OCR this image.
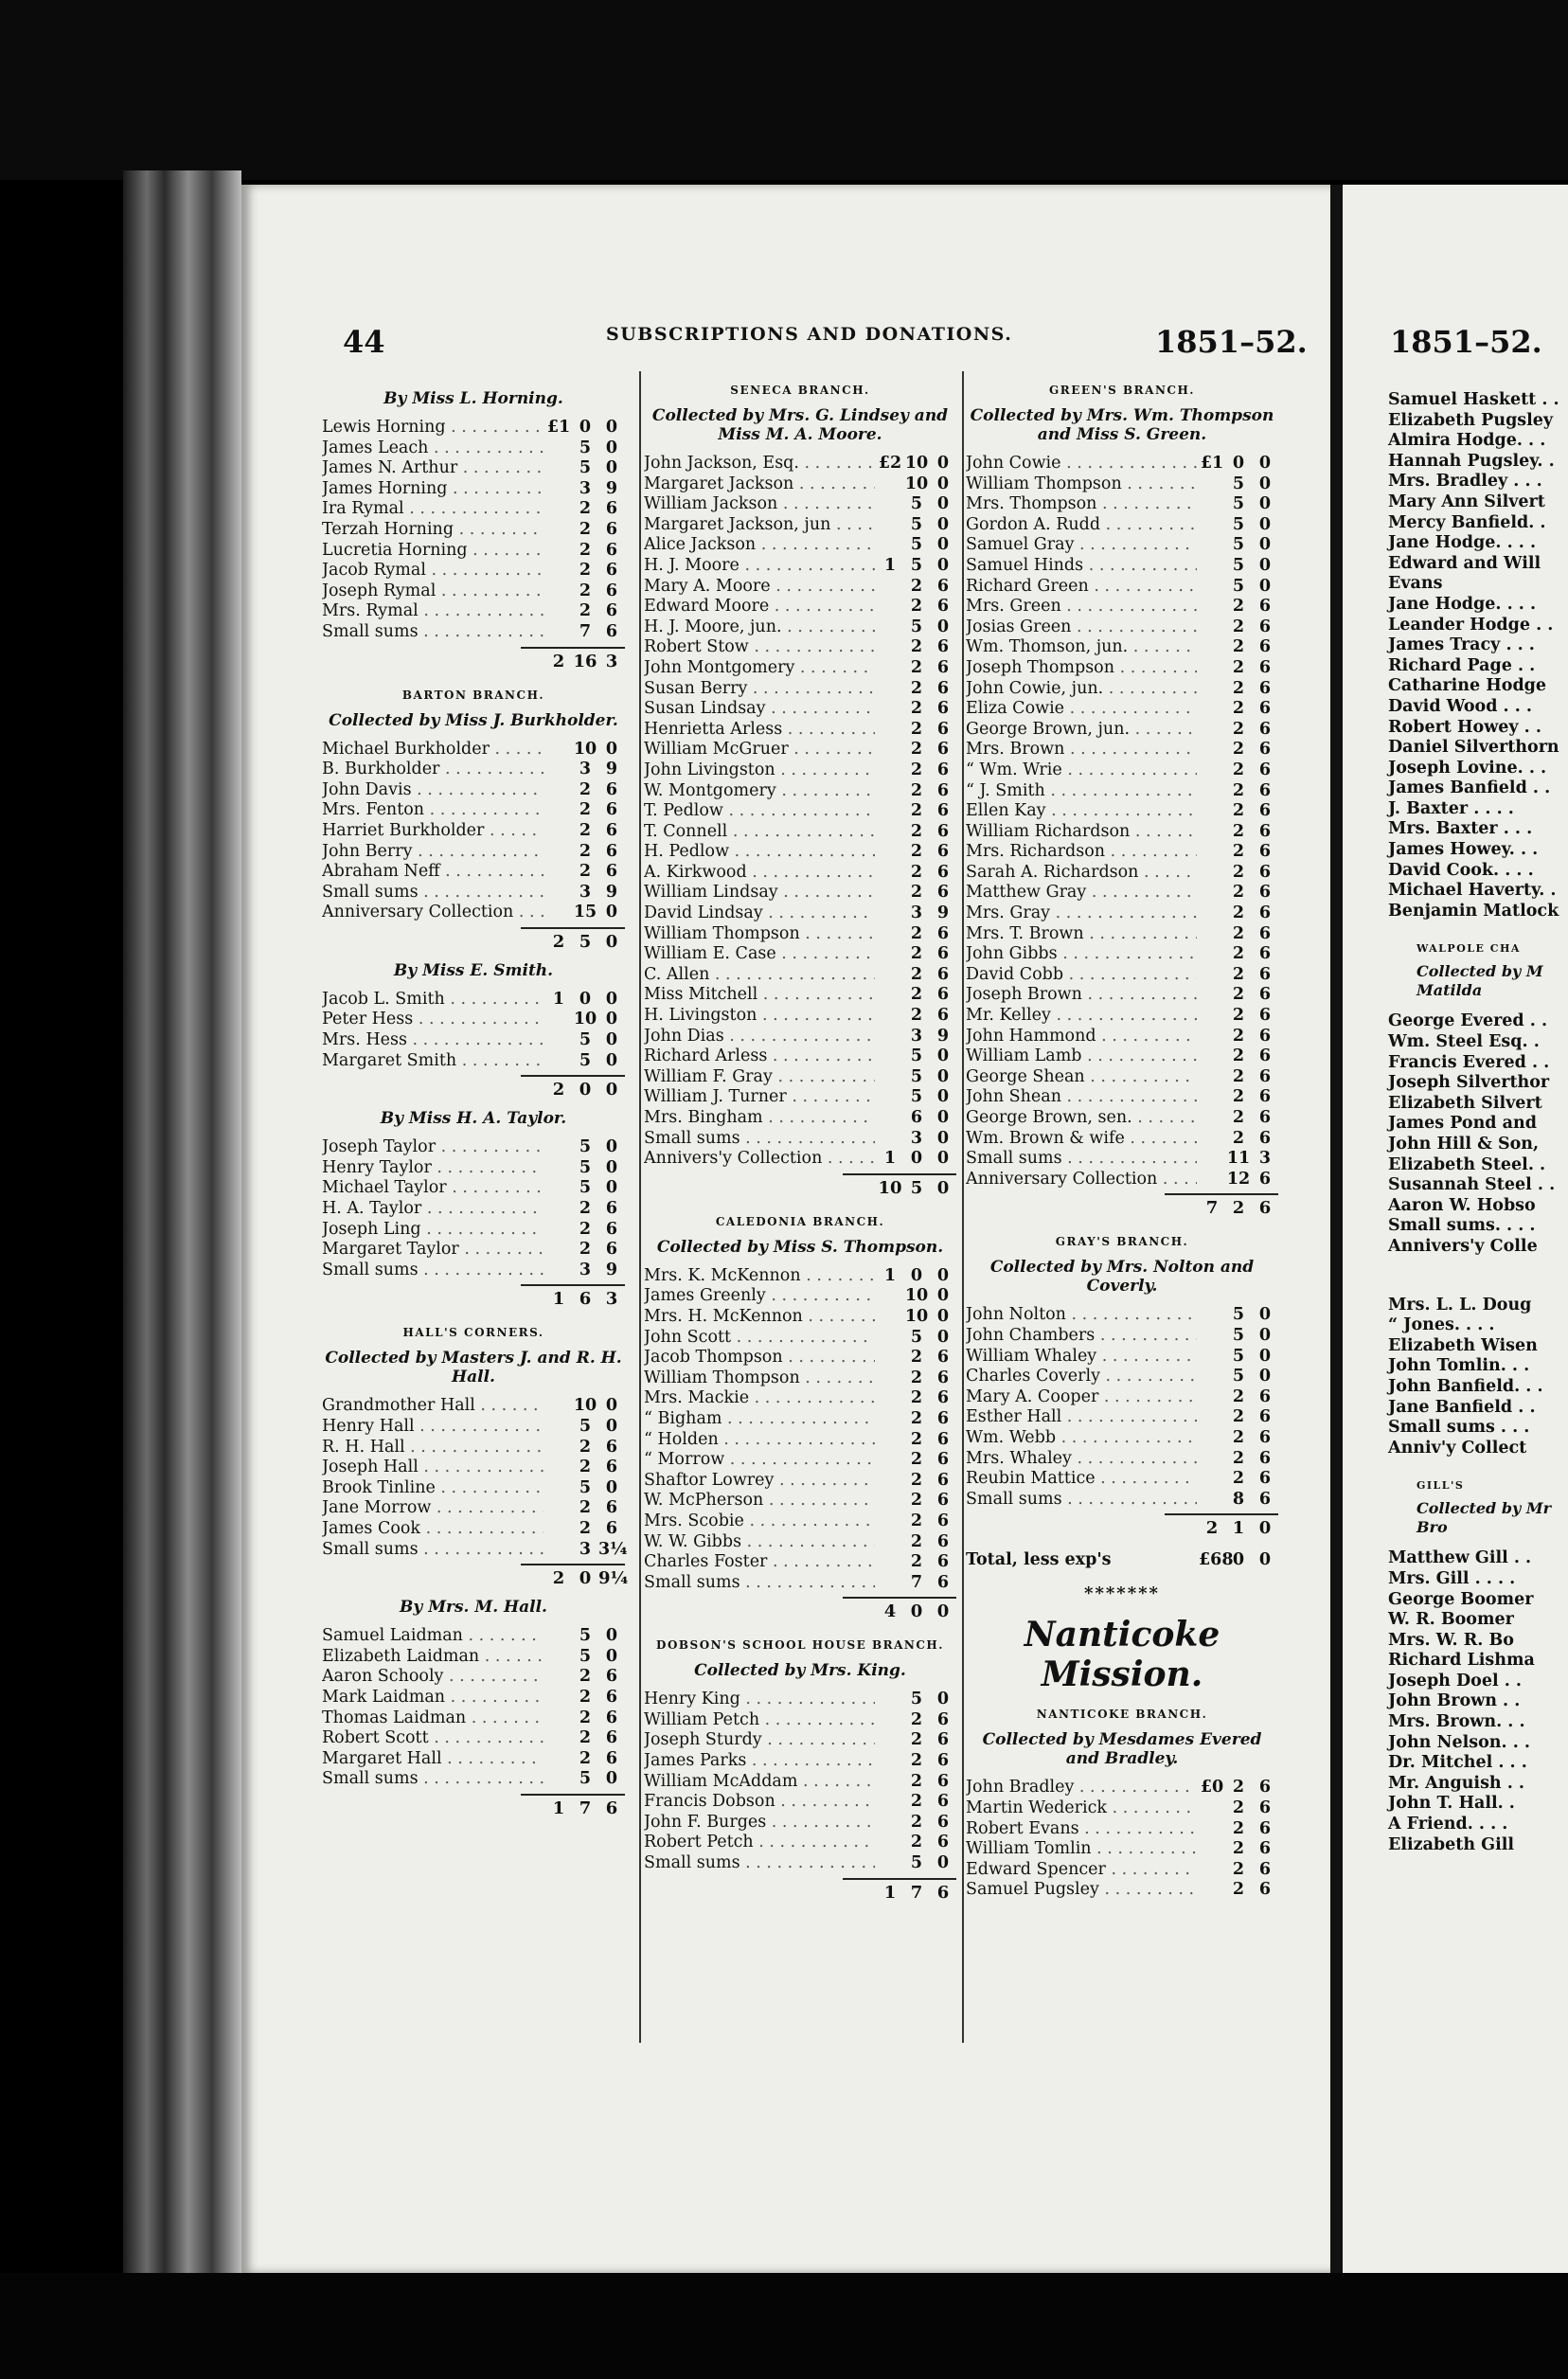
44	SUBSCRIPTIONS AND DONATIONS.	1851–52.	1851–52.
By Miss L. Horning.
Lewis Horning . . .	£1 0 0
James Leach . . .	5 0
James N. Arthur . . .	5 0
James Horning . . .	3 9
Ira Rymal . . .	2 6
Terzah Horning . . .	2 6
Lucretia Horning . . .	2 6
Jacob Rymal . . .	2 6
Joseph Rymal . . .	2 6
Mrs. Rymal . . .	2 6
Small sums . . .	7 6
2 16 3
BARTON BRANCH.
Collected by Miss J. Burkholder.
Michael Burkholder . . .	10 0
B. Burkholder . . .	3 9
John Davis . . .	2 6
Mrs. Fenton . . .	2 6
Harriet Burkholder . . .	2 6
John Berry . . .	2 6
Abraham Neff . . .	2 6
Small sums . . .	3 9
Anniversary Collection . . .	15 0
2 5 0
By Miss E. Smith.
Jacob L. Smith . . .	1 0 0
Peter Hess . . .	10 0
Mrs. Hess . . .	5 0
Margaret Smith . . .	5 0
2 0 0
By Miss H. A. Taylor.
Joseph Taylor . . .	5 0
Henry Taylor . . .	5 0
Michael Taylor . . .	5 0
H. A. Taylor . . .	2 6
Joseph Ling . . .	2 6
Margaret Taylor . . .	2 6
Small sums . . .	3 9
1 6 3
HALL'S CORNERS.
Collected by Masters J. and R. H. Hall.
Grandmother Hall . . .	10 0
Henry Hall . . .	5 0
R. H. Hall . . .	2 6
Joseph Hall . . .	2 6
Brook Tinline . . .	5 0
Jane Morrow . . .	2 6
James Cook . . .	2 6
Small sums . . .	3 3¼
2 0 9¼
By Mrs. M. Hall.
Samuel Laidman . . .	5 0
Elizabeth Laidman . . .	5 0
Aaron Schooly . . .	2 6
Mark Laidman . . .	2 6
Thomas Laidman . . .	2 6
Robert Scott . . .	2 6
Margaret Hall . . .	2 6
Small sums . . .	5 0
1 7 6
SENECA BRANCH.
Collected by Mrs. G. Lindsey and Miss M. A. Moore.
John Jackson, Esq. . . .	£2 10 0
Margaret Jackson . . .	10 0
William Jackson . . .	5 0
Margaret Jackson, jun . . .	5 0
Alice Jackson . . .	5 0
H. J. Moore . . .	1 5 0
Mary A. Moore . . .	2 6
Edward Moore . . .	2 6
H. J. Moore, jun. . . .	5 0
Robert Stow . . .	2 6
John Montgomery . . .	2 6
Susan Berry . . .	2 6
Susan Lindsay . . .	2 6
Henrietta Arless . . .	2 6
William McGruer . . .	2 6
John Livingston . . .	2 6
W. Montgomery . . .	2 6
T. Pedlow . . .	2 6
T. Connell . . .	2 6
H. Pedlow . . .	2 6
A. Kirkwood . . .	2 6
William Lindsay . . .	2 6
David Lindsay . . .	3 9
William Thompson . . .	2 6
William E. Case . . .	2 6
C. Allen . . .	2 6
Miss Mitchell . . .	2 6
H. Livingston . . .	2 6
John Dias . . .	3 9
Richard Arless . . .	5 0
William F. Gray . . .	5 0
William J. Turner . . .	5 0
Mrs. Bingham . . .	6 0
Small sums . . .	3 0
Annivers'y Collection . . .	1 0 0
10 5 0
CALEDONIA BRANCH.
Collected by Miss S. Thompson.
Mrs. K. McKennon . . .	1 0 0
James Greenly . . .	10 0
Mrs. H. McKennon . . .	10 0
John Scott . . .	5 0
Jacob Thompson . . .	2 6
William Thompson . . .	2 6
Mrs. Mackie . . .	2 6
“ Bigham . . .	2 6
“ Holden . . .	2 6
“ Morrow . . .	2 6
Shaftor Lowrey . . .	2 6
W. McPherson . . .	2 6
Mrs. Scobie . . .	2 6
W. W. Gibbs . . .	2 6
Charles Foster . . .	2 6
Small sums . . .	7 6
4 0 0
DOBSON'S SCHOOL HOUSE BRANCH.
Collected by Mrs. King.
Henry King . . .	5 0
William Petch . . .	2 6
Joseph Sturdy . . .	2 6
James Parks . . .	2 6
William McAddam . . .	2 6
Francis Dobson . . .	2 6
John F. Burges . . .	2 6
Robert Petch . . .	2 6
Small sums . . .	5 0
1 7 6
GREEN'S BRANCH.
Collected by Mrs. Wm. Thompson and Miss S. Green.
John Cowie . . .	£1 0 0
William Thompson . . .	5 0
Mrs. Thompson . . .	5 0
Gordon A. Rudd . . .	5 0
Samuel Gray . . .	5 0
Samuel Hinds . . .	5 0
Richard Green . . .	5 0
Mrs. Green . . .	2 6
Josias Green . . .	2 6
Wm. Thomson, jun. . . .	2 6
Joseph Thompson . . .	2 6
John Cowie, jun. . . .	2 6
Eliza Cowie . . .	2 6
George Brown, jun. . . .	2 6
Mrs. Brown . . .	2 6
“ Wm. Wrie . . .	2 6
“ J. Smith . . .	2 6
Ellen Kay . . .	2 6
William Richardson . . .	2 6
Mrs. Richardson . . .	2 6
Sarah A. Richardson . . .	2 6
Matthew Gray . . .	2 6
Mrs. Gray . . .	2 6
Mrs. T. Brown . . .	2 6
John Gibbs . . .	2 6
David Cobb . . .	2 6
Joseph Brown . . .	2 6
Mr. Kelley . . .	2 6
John Hammond . . .	2 6
William Lamb . . .	2 6
George Shean . . .	2 6
John Shean . . .	2 6
George Brown, sen. . . .	2 6
Wm. Brown & wife . . .	2 6
Small sums . . .	11 3
Anniversary Collection . . .	12 6
7 2 6
GRAY'S BRANCH.
Collected by Mrs. Nolton and Coverly.
John Nolton . . .	5 0
John Chambers . . .	5 0
William Whaley . . .	5 0
Charles Coverly . . .	5 0
Mary A. Cooper . . .	2 6
Esther Hall . . .	2 6
Wm. Webb . . .	2 6
Mrs. Whaley . . .	2 6
Reubin Mattice . . .	2 6
Small sums . . .	8 6
2 1 0
Total, less exp's	£68 0 0
*******
Nanticoke Mission.
NANTICOKE BRANCH.
Collected by Mesdames Evered and Bradley.
John Bradley . . .	£0 2 6
Martin Wederick . . .	2 6
Robert Evans . . .	2 6
William Tomlin . . .	2 6
Edward Spencer . . .	2 6
Samuel Pugsley . . .	2 6
Samuel Haskett . .
Elizabeth Pugsley
Almira Hodge. . .
Hannah Pugsley. .
Mrs. Bradley . . .
Mary Ann Silvert
Mercy Banfield. .
Jane Hodge. . . .
Edward and Will
Evans
Jane Hodge. . . .
Leander Hodge . .
James Tracy . . .
Richard Page . .
Catharine Hodge
David Wood . . .
Robert Howey . .
Daniel Silverthorn
Joseph Lovine. . .
James Banfield . .
J. Baxter . . . .
Mrs. Baxter . . .
James Howey. . .
David Cook. . . .
Michael Haverty. .
Benjamin Matlock
WALPOLE CHA
Collected by M Matilda
George Evered . .
Wm. Steel Esq. .
Francis Evered . .
Joseph Silverthor
Elizabeth Silvert
James Pond and
John Hill & Son,
Elizabeth Steel. .
Susannah Steel . .
Aaron W. Hobso
Small sums. . . .
Annivers'y Colle
Mrs. L. L. Doug
“ Jones. . . .
Elizabeth Wisen
John Tomlin. . .
John Banfield. . .
Jane Banfield . .
Small sums . . .
Anniv'y Collect
GILL'S
Collected by Mr Bro
Matthew Gill . .
Mrs. Gill . . . .
George Boomer
W. R. Boomer
Mrs. W. R. Bo
Richard Lishma
Joseph Doel . .
John Brown . .
Mrs. Brown. . .
John Nelson. . .
Dr. Mitchel . . .
Mr. Anguish . .
John T. Hall. .
A Friend. . . .
Elizabeth Gill
